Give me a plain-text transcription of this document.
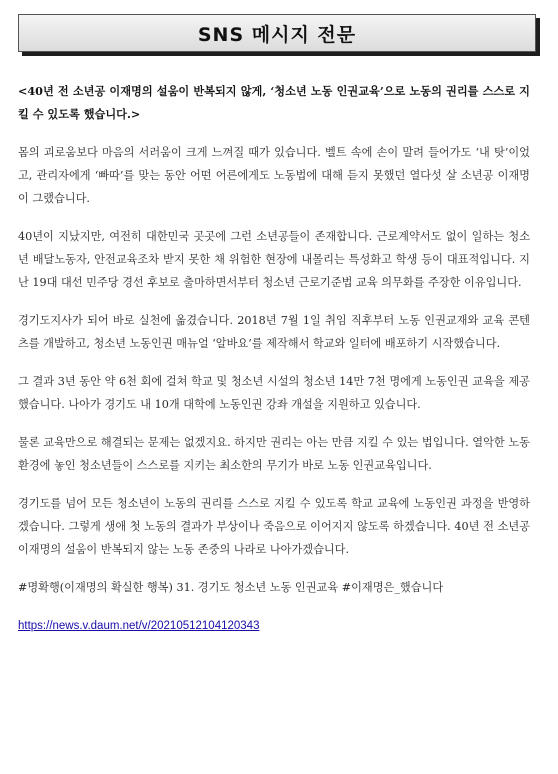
SNS 메시지 전문

<40년 전 소년공 이재명의 설움이 반복되지 않게, ‘청소년 노동 인권교육’으로 노동의 권리를 스스로 지킬 수 있도록 했습니다.>

몸의 괴로움보다 마음의 서러움이 크게 느껴질 때가 있습니다. 벨트 속에 손이 말려 들어가도 ‘내 탓’이었고, 관리자에게 ‘빠따’를 맞는 동안 어떤 어른에게도 노동법에 대해 듣지 못했던 열다섯 살 소년공 이재명이 그랬습니다.

40년이 지났지만, 여전히 대한민국 곳곳에 그런 소년공들이 존재합니다. 근로계약서도 없이 일하는 청소년 배달노동자, 안전교육조차 받지 못한 채 위험한 현장에 내몰리는 특성화고 학생 등이 대표적입니다. 지난 19대 대선 민주당 경선 후보로 출마하면서부터 청소년 근로기준법 교육 의무화를 주장한 이유입니다.

경기도지사가 되어 바로 실천에 옮겼습니다. 2018년 7월 1일 취임 직후부터 노동 인권교재와 교육 콘텐츠를 개발하고, 청소년 노동인권 매뉴얼 ‘알바요’를 제작해서 학교와 일터에 배포하기 시작했습니다.

그 결과 3년 동안 약 6천 회에 걸쳐 학교 및 청소년 시설의 청소년 14만 7천 명에게 노동인권 교육을 제공했습니다. 나아가 경기도 내 10개 대학에 노동인권 강좌 개설을 지원하고 있습니다.

물론 교육만으로 해결되는 문제는 없겠지요. 하지만 권리는 아는 만큼 지킬 수 있는 법입니다. 열악한 노동환경에 놓인 청소년들이 스스로를 지키는 최소한의 무기가 바로 노동 인권교육입니다.

경기도를 넘어 모든 청소년이 노동의 권리를 스스로 지킬 수 있도록 학교 교육에 노동인권 과정을 반영하겠습니다. 그렇게 생애 첫 노동의 결과가 부상이나 죽음으로 이어지지 않도록 하겠습니다. 40년 전 소년공 이재명의 설움이 반복되지 않는 노동 존중의 나라로 나아가겠습니다.

#명확행(이재명의 확실한 행복) 31. 경기도 청소년 노동 인권교육 #이재명은_했습니다

https://news.v.daum.net/v/20210512104120343
